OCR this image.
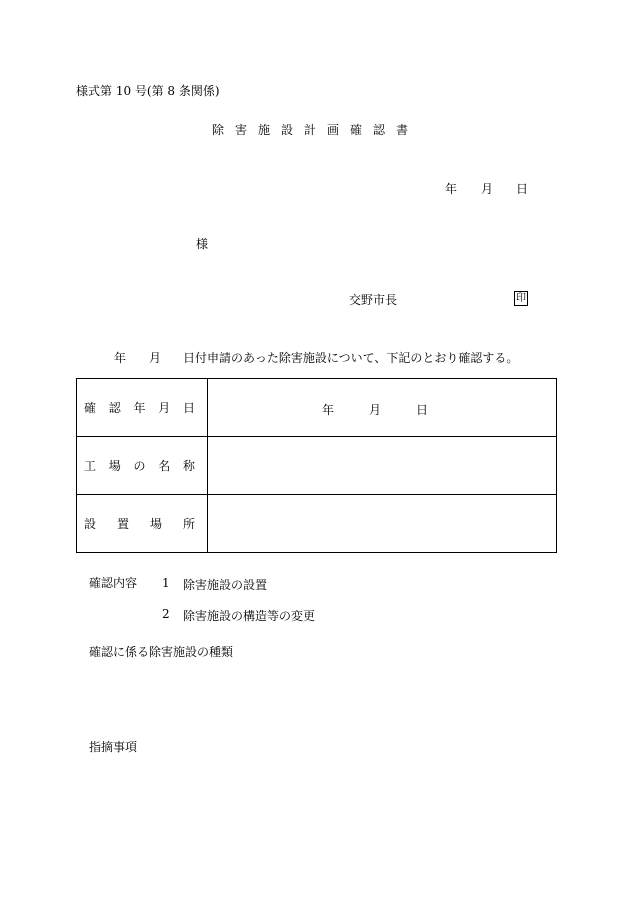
様式第 10 号(第 8 条関係)
除害施設計画確認書
年 月 日
様
交野市長	印
年 月 日付申請のあった除害施設について、下記のとおり確認する。
確 認 年 月 日	年 月 日

工 場 の 名 称	

設 置 場 所	

確認内容 1 除害施設の設置
2 除害施設の構造等の変更
確認に係る除害施設の種類
指摘事項
